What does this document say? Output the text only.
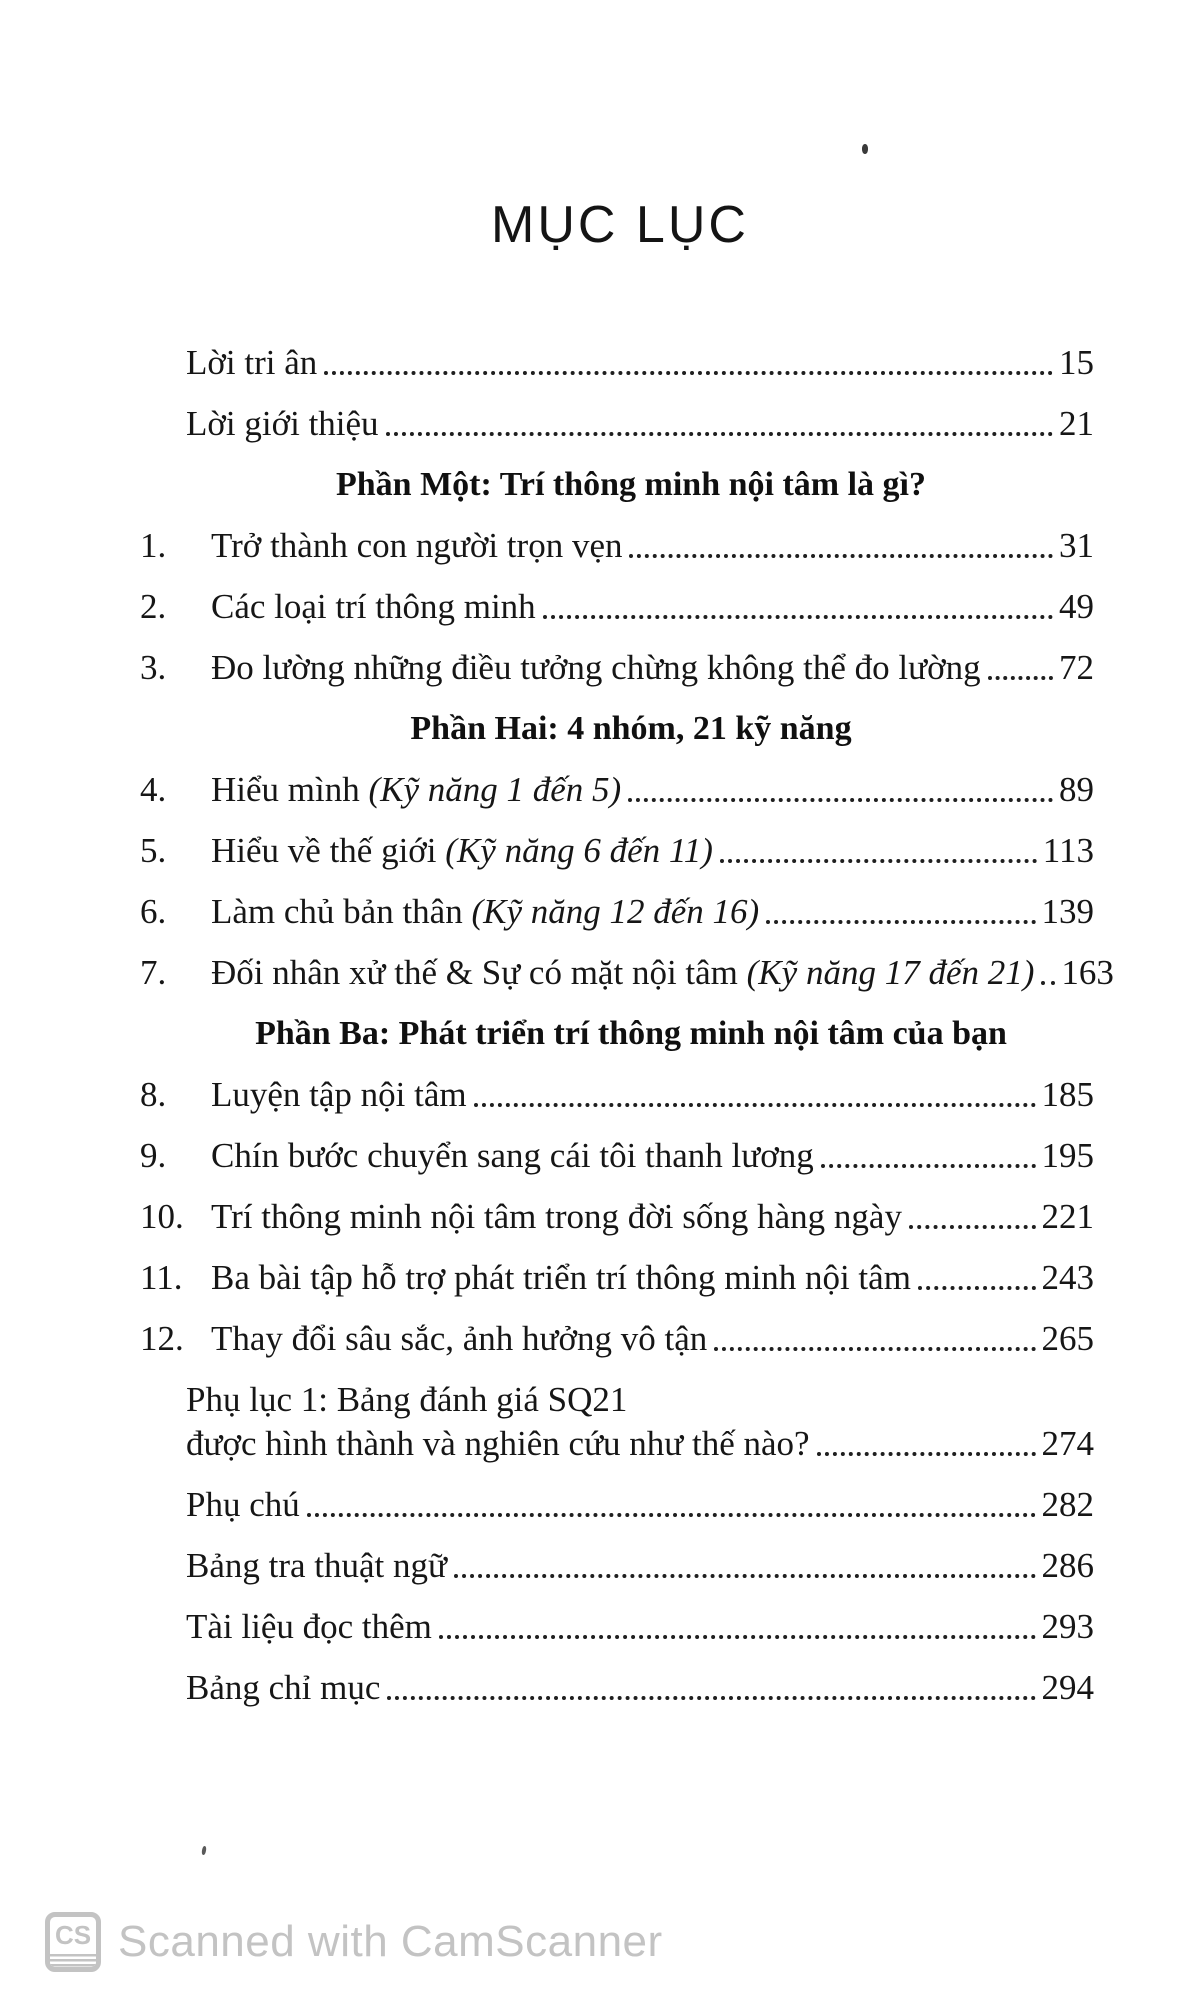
MỤC LỤC
Lời tri ân	15
Lời giới thiệu	21
Phần Một: Trí thông minh nội tâm là gì?
1.	Trở thành con người trọn vẹn	31
2.	Các loại trí thông minh	49
3.	Đo lường những điều tưởng chừng không thể đo lường 72
Phần Hai: 4 nhóm, 21 kỹ năng
4.	Hiểu mình (Kỹ năng 1 đến 5)	89
5.	Hiểu về thế giới (Kỹ năng 6 đến 11)	113
6.	Làm chủ bản thân (Kỹ năng 12 đến 16)	139
7.	Đối nhân xử thế & Sự có mặt nội tâm (Kỹ năng 17 đến 21) 163
Phần Ba: Phát triển trí thông minh nội tâm của bạn
8.	Luyện tập nội tâm	185
9.	Chín bước chuyển sang cái tôi thanh lương	195
10. Trí thông minh nội tâm trong đời sống hàng ngày	221
11. Ba bài tập hỗ trợ phát triển trí thông minh nội tâm	243
12. Thay đổi sâu sắc, ảnh hưởng vô tận	265
Phụ lục 1: Bảng đánh giá SQ21
được hình thành và nghiên cứu như thế nào?	274
Phụ chú	282
Bảng tra thuật ngữ	286
Tài liệu đọc thêm	293
Bảng chỉ mục	294
CS Scanned with CamScanner
